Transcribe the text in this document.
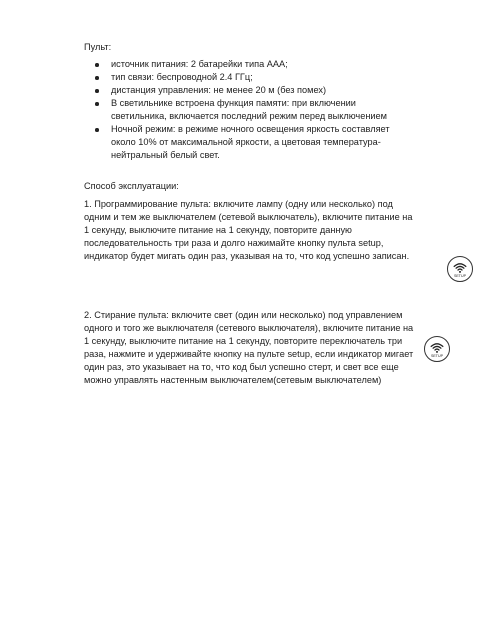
Пульт:
источник питания: 2 батарейки типа ААА;
тип связи: беспроводной 2.4 ГГц;
дистанция управления: не менее 20 м (без помех)
В светильнике встроена функция памяти: при включении светильника, включается последний режим перед выключением
Ночной режим: в режиме ночного освещения яркость составляет около 10% от максимальной яркости, а цветовая температура-нейтральный белый свет.
Способ эксплуатации:
1. Программирование пульта: включите лампу (одну или несколько) под одним и тем же выключателем (сетевой выключатель), включите питание на 1 секунду, выключите питание на 1 секунду, повторите данную последовательность три раза и долго нажимайте кнопку пульта setup, индикатор будет мигать один раз, указывая на то, что код успешно записан.
SETUP
2. Стирание пульта: включите свет (один или несколько) под управлением одного и того же выключателя (сетевого выключателя), включите питание на 1 секунду, выключите питание на 1 секунду, повторите переключатель три раза, нажмите и удерживайте кнопку на пульте setup, если индикатор мигает один раз, это указывает на то, что код был успешно стерт, и свет все еще можно управлять настенным выключателем(сетевым выключателем)
SETUP
